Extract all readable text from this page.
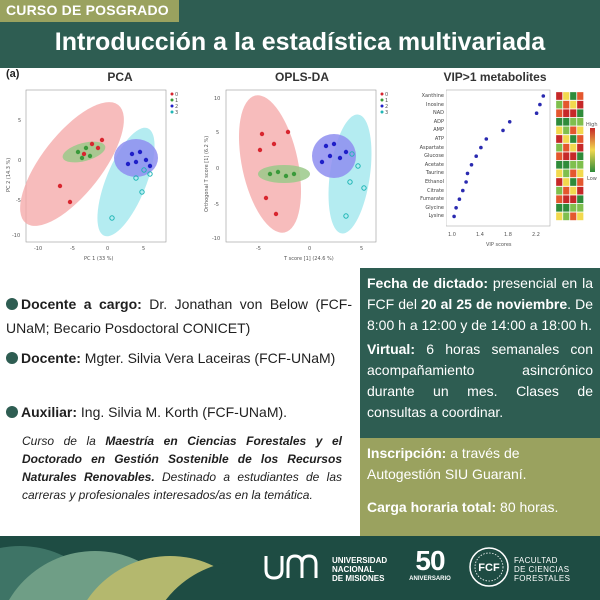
CURSO DE POSGRADO
Introducción a la estadística multivariada
(a)	PCA
0
1
2
3
-10	-5	0	5
5
0
-5
-10
PC 1 (33 %)
PC 2 (14.3 %)
OPLS-DA
0
1
2
3
-5	0	5
10
5
0
-5
-10
T score [1] (24.6 %)
Orthogonal T score [1] (6.2 %)
VIP>1 metabolites
Xanthine
Inosine
NAD
ADP
AMP
ATP
Aspartate
Glucose
Acetate
Taurine
Ethanol
Citrate
Fumarate
Glycine
Lysine
High
Low
1.0	1.4	1.8	2.2
VIP scores
Docente a cargo: Dr. Jonathan von Below (FCF-UNaM; Becario Posdoctoral CONICET)
Docente: Mgter. Silvia Vera Laceiras (FCF-UNaM)
Auxiliar: Ing. Silvia M. Korth (FCF-UNaM).
Curso de la Maestría en Ciencias Forestales y el Doctorado en Gestión Sostenible de los Recursos Naturales Renovables. Destinado a estudiantes de las carreras y profesionales interesados/as en la temática.
Fecha de dictado: presencial en la FCF del 20 al 25 de noviembre. De 8:00 h a 12:00 y de 14:00 a 18:00 h.
Virtual: 6 horas semanales con acompañamiento asincrónico durante un mes. Clases de consultas a coordinar.
Inscripción: a través de Autogestión SIU Guaraní.
Carga horaria total: 80 horas.
UNIVERSIDAD
NACIONAL
DE MISIONES
50
ANIVERSARIO
FCF
FACULTAD
DE CIENCIAS
FORESTALES
